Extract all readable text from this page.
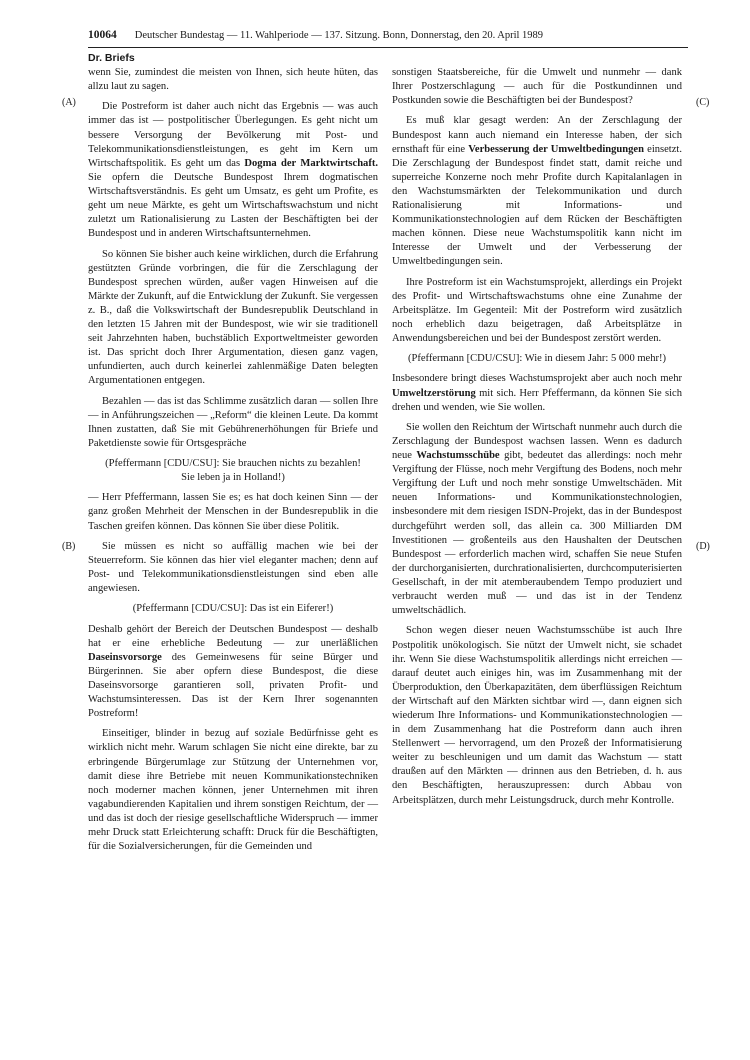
10064 Deutscher Bundestag — 11. Wahlperiode — 137. Sitzung. Bonn, Donnerstag, den 20. April 1989
Dr. Briefs
(A)
(B)
(C)
(D)

wenn Sie, zumindest die meisten von Ihnen, sich heute hüten, das allzu laut zu sagen.

Die Postreform ist daher auch nicht das Ergebnis — was auch immer das ist — postpolitischer Überlegungen. Es geht nicht um bessere Versorgung der Bevölkerung mit Post- und Telekommunikationsdienstleistungen, es geht im Kern um Wirtschaftspolitik. Es geht um das Dogma der Marktwirtschaft. Sie opfern die Deutsche Bundespost Ihrem dogmatischen Wirtschaftsverständnis. Es geht um Umsatz, es geht um Profite, es geht um neue Märkte, es geht um Wirtschaftswachstum und nicht zuletzt um Rationalisierung zu Lasten der Beschäftigten bei der Bundespost und in anderen Wirtschaftsunternehmen.

So können Sie bisher auch keine wirklichen, durch die Erfahrung gestützten Gründe vorbringen, die für die Zerschlagung der Bundespost sprechen würden, außer vagen Hinweisen auf die Märkte der Zukunft, auf die Entwicklung der Zukunft. Sie vergessen z. B., daß die Volkswirtschaft der Bundesrepublik Deutschland in den letzten 15 Jahren mit der Bundespost, wie wir sie traditionell seit Jahrzehnten haben, buchstäblich Exportweltmeister geworden ist. Das spricht doch Ihrer Argumentation, diesen ganz vagen, unfundierten, auch durch keinerlei zahlenmäßige Daten belegten Argumentationen entgegen.

Bezahlen — das ist das Schlimme zusätzlich daran — sollen Ihre — in Anführungszeichen — „Reform“ die kleinen Leute. Da kommt Ihnen zustatten, daß Sie mit Gebührenerhöhungen für Briefe und Paketdienste sowie für Ortsgespräche

(Pfeffermann [CDU/CSU]: Sie brauchen nichts zu bezahlen! Sie leben ja in Holland!)

— Herr Pfeffermann, lassen Sie es; es hat doch keinen Sinn — der ganz großen Mehrheit der Menschen in der Bundesrepublik in die Taschen greifen können. Das können Sie über diese Politik.

Sie müssen es nicht so auffällig machen wie bei der Steuerreform. Sie können das hier viel eleganter machen; denn auf Post- und Telekommunikationsdienstleistungen sind eben alle angewiesen.

(Pfeffermann [CDU/CSU]: Das ist ein Eiferer!)

Deshalb gehört der Bereich der Deutschen Bundespost — deshalb hat er eine erhebliche Bedeutung — zur unerläßlichen Daseinsvorsorge des Gemeinwesens für seine Bürger und Bürgerinnen. Sie aber opfern diese Bundespost, die diese Daseinsvorsorge garantieren soll, privaten Profit- und Wachstumsinteressen. Das ist der Kern Ihrer sogenannten Postreform!

Einseitiger, blinder in bezug auf soziale Bedürfnisse geht es wirklich nicht mehr. Warum schlagen Sie nicht eine direkte, bar zu erbringende Bürgerumlage zur Stützung der Unternehmen vor, damit diese ihre Betriebe mit neuen Kommunikationstechniken noch moderner machen können, jener Unternehmen mit ihren vagabundierenden Kapitalien und ihrem sonstigen Reichtum, der — und das ist doch der riesige gesellschaftliche Widerspruch — immer mehr Druck statt Erleichterung schafft: Druck für die Beschäftigten, für die Sozialversicherungen, für die Gemeinden und

sonstigen Staatsbereiche, für die Umwelt und nunmehr — dank Ihrer Postzerschlagung — auch für die Postkundinnen und Postkunden sowie die Beschäftigten bei der Bundespost?

Es muß klar gesagt werden: An der Zerschlagung der Bundespost kann auch niemand ein Interesse haben, der sich ernsthaft für eine Verbesserung der Umweltbedingungen einsetzt. Die Zerschlagung der Bundespost findet statt, damit reiche und superreiche Konzerne noch mehr Profite durch Kapitalanlagen in den Wachstumsmärkten der Telekommunikation und durch Rationalisierung mit Informations- und Kommunikationstechnologien auf dem Rücken der Beschäftigten machen können. Diese neue Wachstumspolitik kann nicht im Interesse der Umwelt und der Verbesserung der Umweltbedingungen sein.

Ihre Postreform ist ein Wachstumsprojekt, allerdings ein Projekt des Profit- und Wirtschaftswachstums ohne eine Zunahme der Arbeitsplätze. Im Gegenteil: Mit der Postreform wird zusätzlich noch erheblich dazu beigetragen, daß Arbeitsplätze in Anwendungsbereichen und bei der Bundespost zerstört werden.

(Pfeffermann [CDU/CSU]: Wie in diesem Jahr: 5 000 mehr!)

Insbesondere bringt dieses Wachstumsprojekt aber auch noch mehr Umweltzerstörung mit sich. Herr Pfeffermann, da können Sie sich drehen und wenden, wie Sie wollen.

Sie wollen den Reichtum der Wirtschaft nunmehr auch durch die Zerschlagung der Bundespost wachsen lassen. Wenn es dadurch neue Wachstumsschübe gibt, bedeutet das allerdings: noch mehr Vergiftung der Flüsse, noch mehr Vergiftung des Bodens, noch mehr Vergiftung der Luft und noch mehr sonstige Umweltschäden. Mit neuen Informations- und Kommunikationstechnologien, insbesondere mit dem riesigen ISDN-Projekt, das in der Bundespost durchgeführt werden soll, das allein ca. 300 Milliarden DM Investitionen — großenteils aus den Haushalten der Deutschen Bundespost — erforderlich machen wird, schaffen Sie neue Stufen der durchorganisierten, durchrationalisierten, durchcomputerisierten Gesellschaft, in der mit atemberaubendem Tempo produziert und verbraucht werden muß — und das ist in der Tendenz umweltschädlich.

Schon wegen dieser neuen Wachstumsschübe ist auch Ihre Postpolitik unökologisch. Sie nützt der Umwelt nicht, sie schadet ihr. Wenn Sie diese Wachstumspolitik allerdings nicht erreichen — darauf deutet auch einiges hin, was im Zusammenhang mit der Überproduktion, den Überkapazitäten, dem überflüssigen Reichtum der Wirtschaft auf den Märkten sichtbar wird —, dann eignen sich wiederum Ihre Informations- und Kommunikationstechnologien — in dem Zusammenhang hat die Postreform dann auch ihren Stellenwert — hervorragend, um den Prozeß der Informatisierung weiter zu beschleunigen und um damit das Wachstum — statt draußen auf den Märkten — drinnen aus den Betrieben, d. h. aus den Beschäftigten, herauszupressen: durch Abbau von Arbeitsplätzen, durch mehr Leistungsdruck, durch mehr Kontrolle.
